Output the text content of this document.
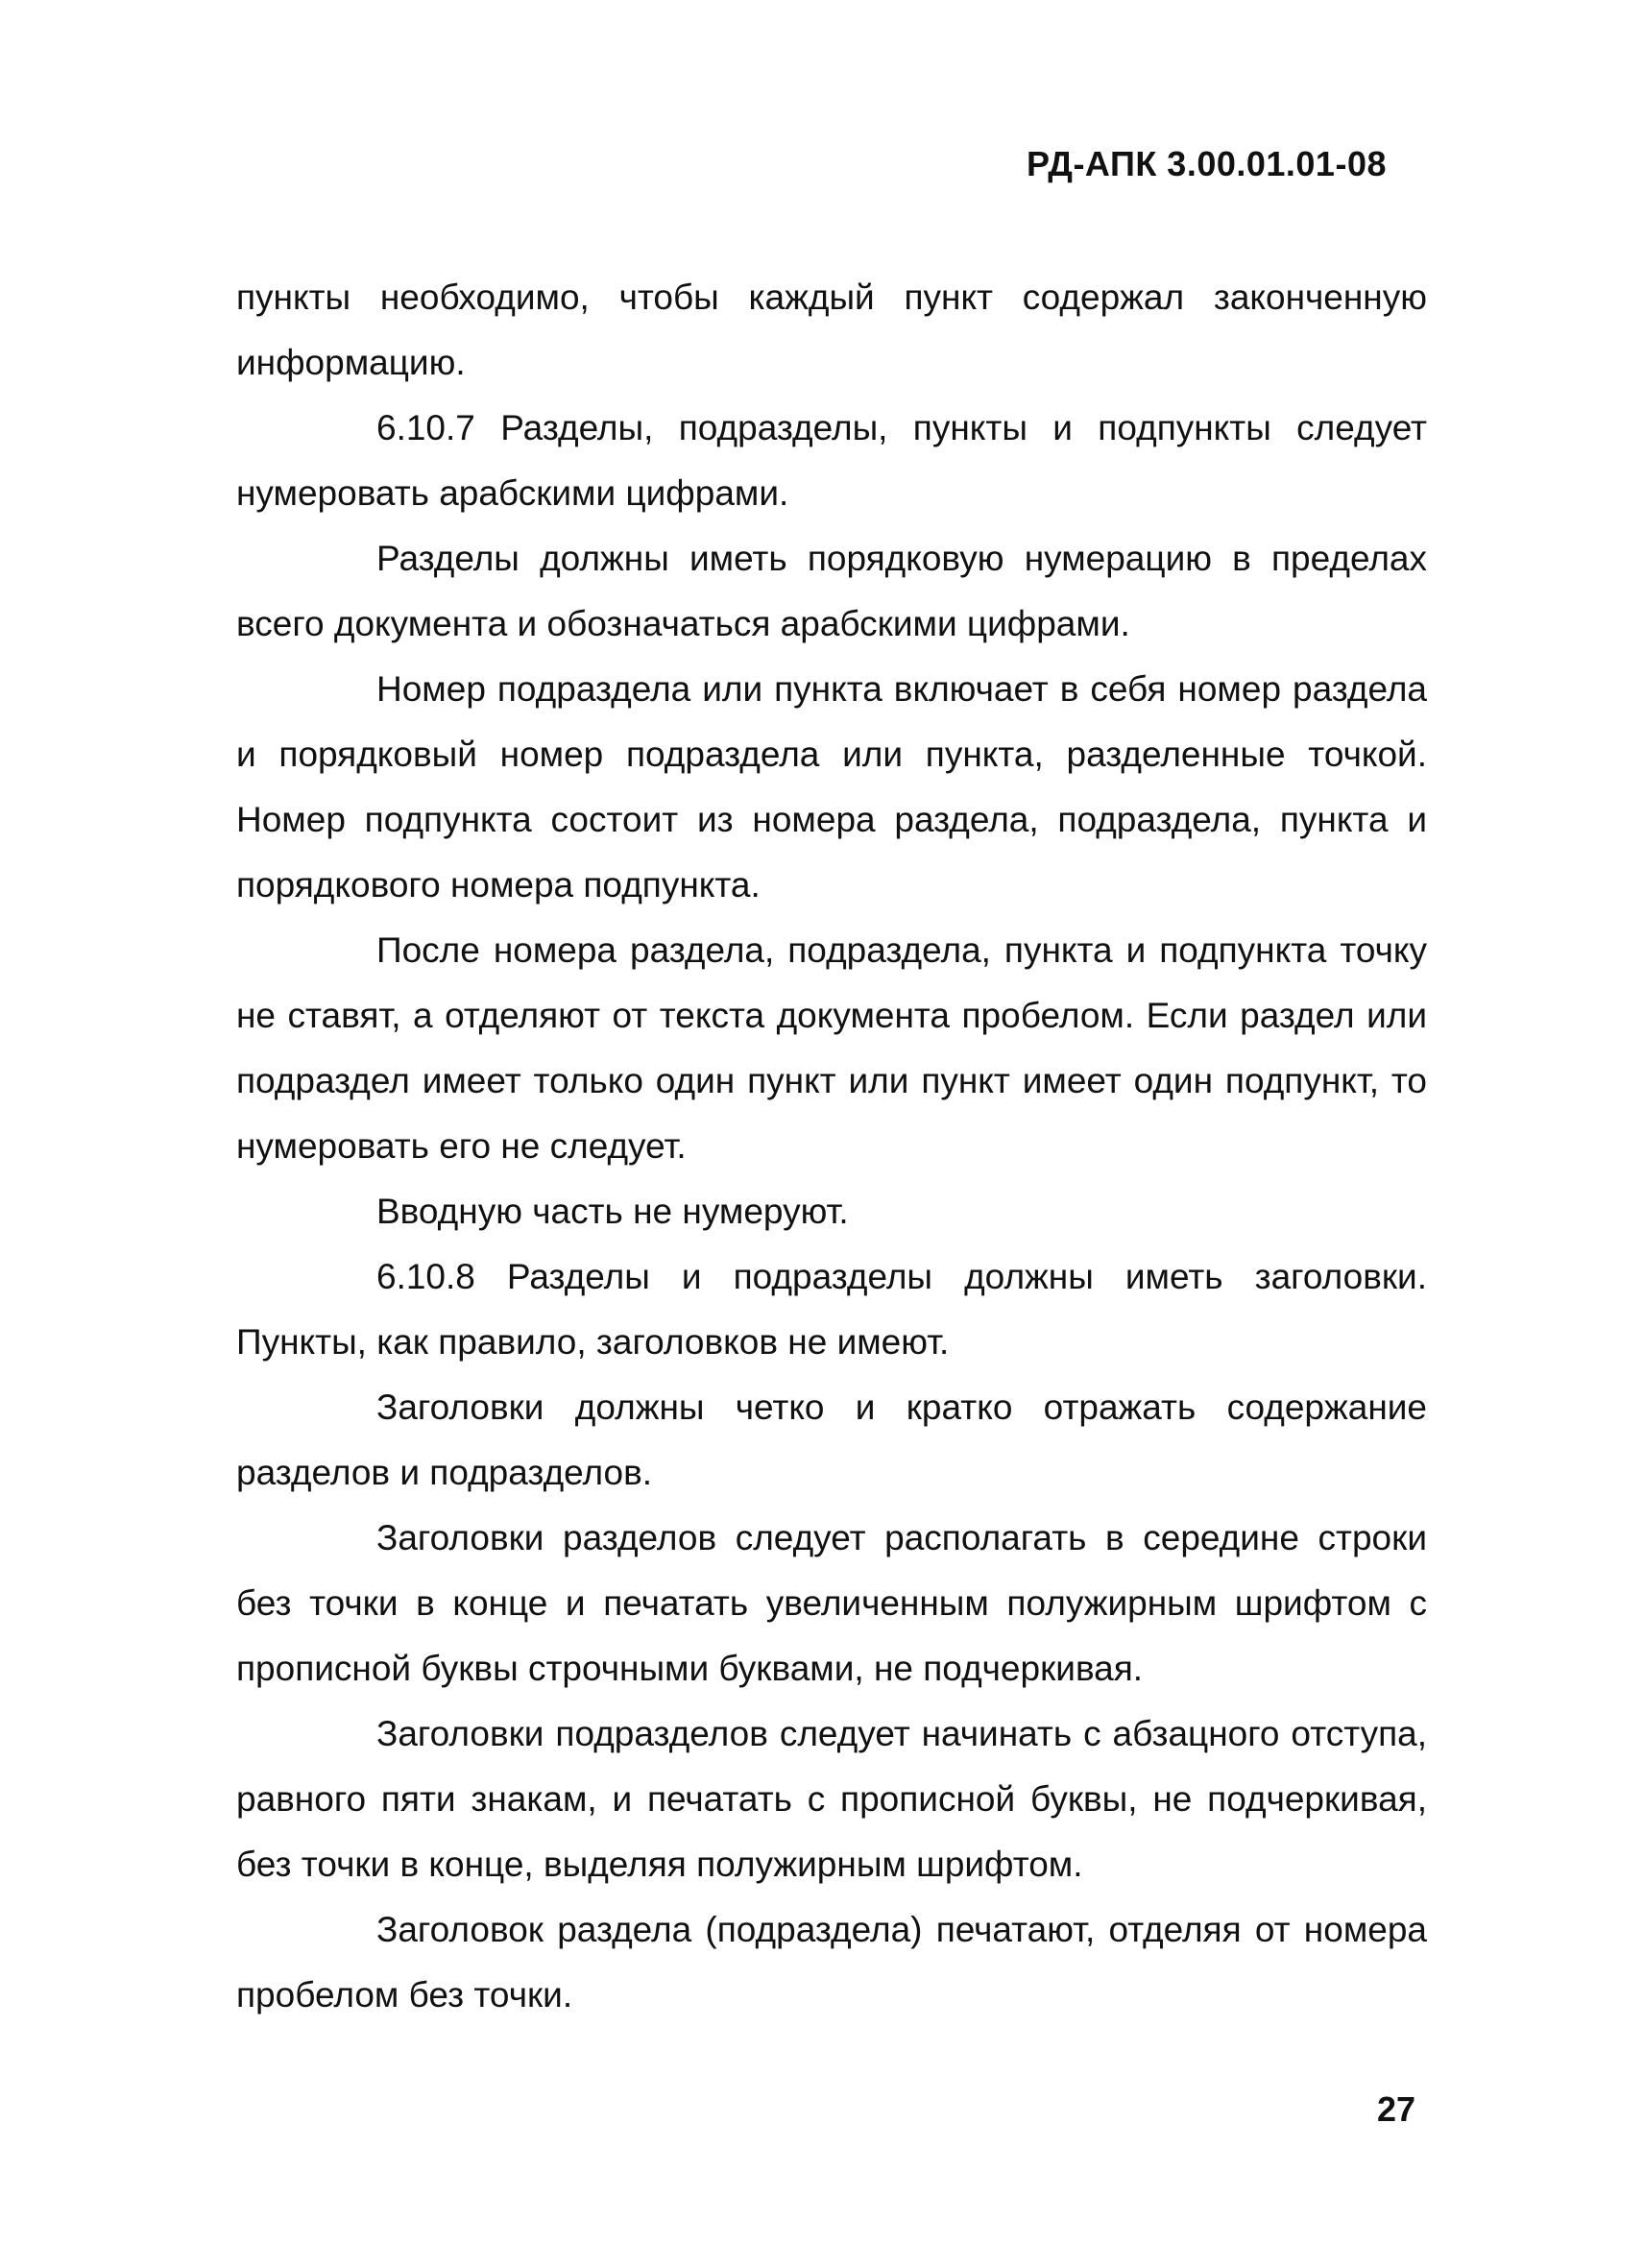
РД-АПК 3.00.01.01-08

пункты необходимо, чтобы каждый пункт содержал законченную информацию.

6.10.7 Разделы, подразделы, пункты и подпункты следует нумеровать арабскими цифрами.

Разделы должны иметь порядковую нумерацию в пределах всего документа и обозначаться арабскими цифрами.

Номер подраздела или пункта включает в себя номер раздела и порядковый номер подраздела или пункта, разделенные точкой. Номер подпункта состоит из номера раздела, подраздела, пункта и порядкового номера подпункта.

После номера раздела, подраздела, пункта и подпункта точку не ставят, а отделяют от текста документа пробелом. Если раздел или подраздел имеет только один пункт или пункт имеет один подпункт, то нумеровать его не следует.

Вводную часть не нумеруют.

6.10.8 Разделы и подразделы должны иметь заголовки. Пункты, как правило, заголовков не имеют.

Заголовки должны четко и кратко отражать содержание разделов и подразделов.

Заголовки разделов следует располагать в середине строки без точки в конце и печатать увеличенным полужирным шрифтом с прописной буквы строчными буквами, не подчеркивая.

Заголовки подразделов следует начинать с абзацного отступа, равного пяти знакам, и печатать с прописной буквы, не подчеркивая, без точки в конце, выделяя полужирным шрифтом.

Заголовок раздела (подраздела) печатают, отделяя от номера пробелом без точки.

27
